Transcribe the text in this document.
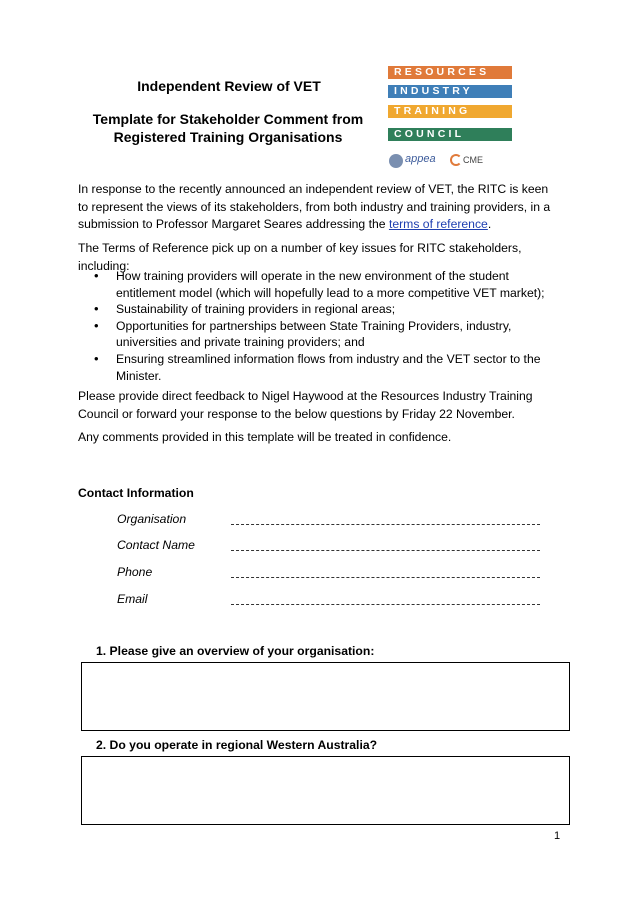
Independent Review of VET
Template for Stakeholder Comment from
Registered Training Organisations
RESOURCES
INDUSTRY
TRAINING
COUNCIL
appea	CME
In response to the recently announced an independent review of VET, the RITC is keen to represent the views of its stakeholders, from both industry and training providers, in a submission to Professor Margaret Seares addressing the terms of reference.
The Terms of Reference pick up on a number of key issues for RITC stakeholders, including:
• How training providers will operate in the new environment of the student entitlement model (which will hopefully lead to a more competitive VET market);
• Sustainability of training providers in regional areas;
• Opportunities for partnerships between State Training Providers, industry, universities and private training providers; and
• Ensuring streamlined information flows from industry and the VET sector to the Minister.
Please provide direct feedback to Nigel Haywood at the Resources Industry Training Council or forward your response to the below questions by Friday 22 November.
Any comments provided in this template will be treated in confidence.
Contact Information
Organisation
Contact Name
Phone
Email
1. Please give an overview of your organisation:
2. Do you operate in regional Western Australia?
1
